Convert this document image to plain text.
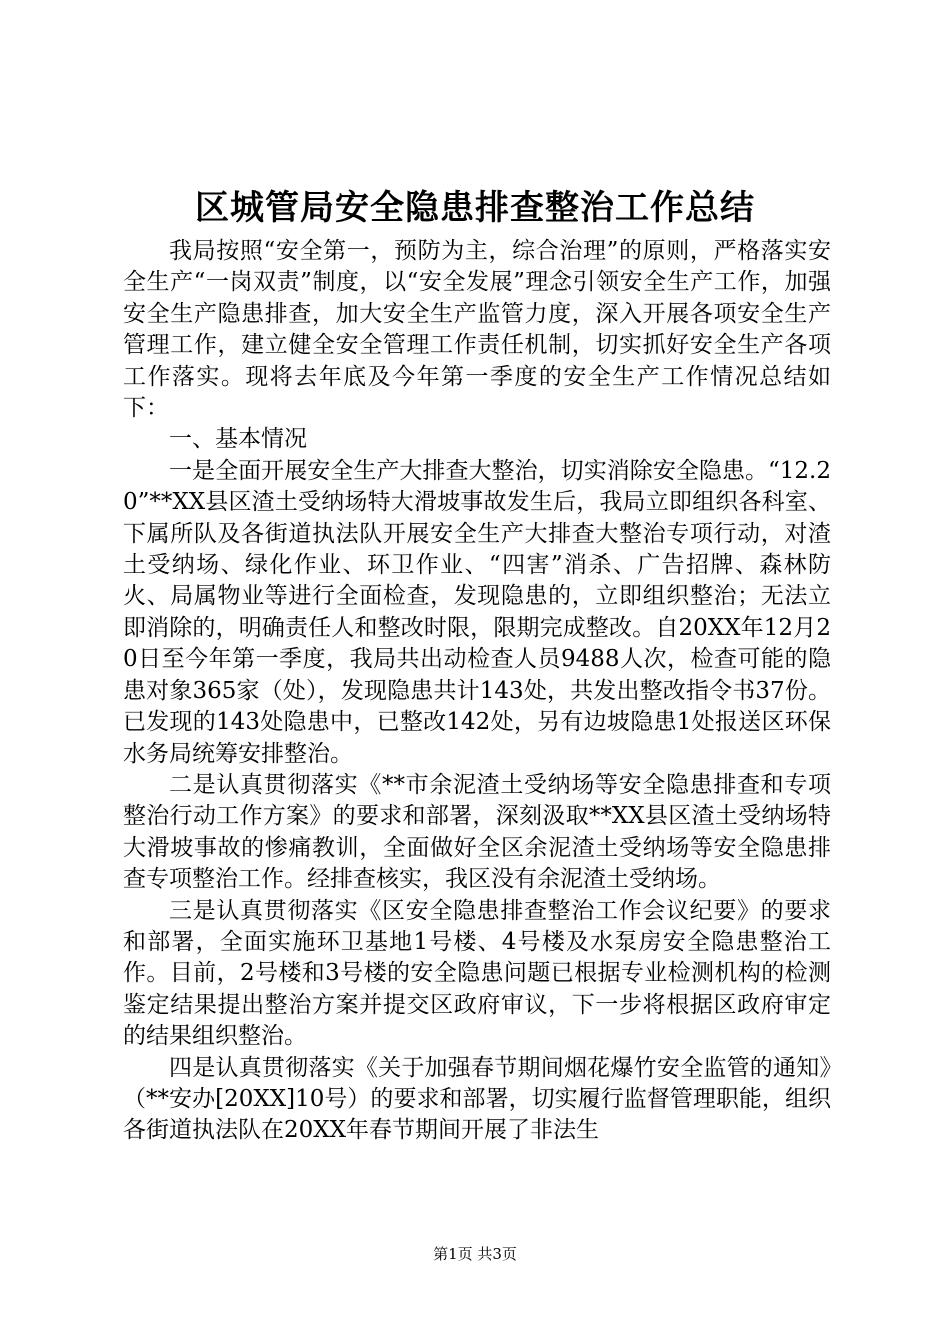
区城管局安全隐患排查整治工作总结

我局按照“安全第一，预防为主，综合治理”的原则，严格落实安全生产“一岗双责”制度，以“安全发展”理念引领安全生产工作，加强安全生产隐患排查，加大安全生产监管力度，深入开展各项安全生产管理工作，建立健全安全管理工作责任机制，切实抓好安全生产各项工作落实。现将去年底及今年第一季度的安全生产工作情况总结如下：

一、基本情况

一是全面开展安全生产大排查大整治，切实消除安全隐患。“12.20”**XX县区渣土受纳场特大滑坡事故发生后，我局立即组织各科室、下属所队及各街道执法队开展安全生产大排查大整治专项行动，对渣土受纳场、绿化作业、环卫作业、“四害”消杀、广告招牌、森林防火、局属物业等进行全面检查，发现隐患的，立即组织整治；无法立即消除的，明确责任人和整改时限，限期完成整改。自20XX年12月20日至今年第一季度，我局共出动检查人员9488人次，检查可能的隐患对象365家（处），发现隐患共计143处，共发出整改指令书37份。已发现的143处隐患中，已整改142处，另有边坡隐患1处报送区环保水务局统筹安排整治。

二是认真贯彻落实《**市余泥渣土受纳场等安全隐患排查和专项整治行动工作方案》的要求和部署，深刻汲取**XX县区渣土受纳场特大滑坡事故的惨痛教训，全面做好全区余泥渣土受纳场等安全隐患排查专项整治工作。经排查核实，我区没有余泥渣土受纳场。

三是认真贯彻落实《区安全隐患排查整治工作会议纪要》的要求和部署，全面实施环卫基地1号楼、4号楼及水泵房安全隐患整治工作。目前，2号楼和3号楼的安全隐患问题已根据专业检测机构的检测鉴定结果提出整治方案并提交区政府审议，下一步将根据区政府审定的结果组织整治。

四是认真贯彻落实《关于加强春节期间烟花爆竹安全监管的通知》（**安办[20XX]10号）的要求和部署，切实履行监督管理职能，组织各街道执法队在20XX年春节期间开展了非法生

第1页 共3页
